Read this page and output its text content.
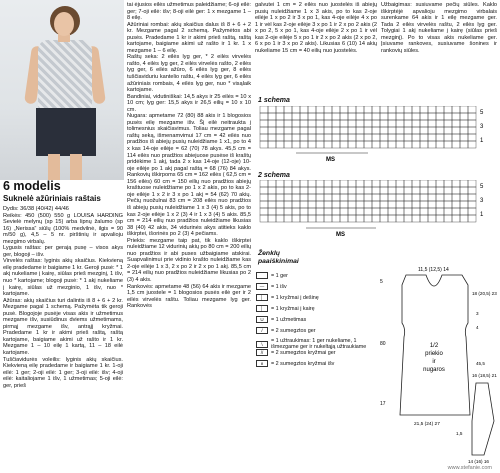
6 modelis
Suknelė ažūriniais raštais

Dydis: 36/38 (40/42) 44/46

Reikės: 450 (500) 550 g LOUISA HARDING Sevielė melynų (sp 15) arba lipnų žalumo (sp 16) „Nerissa“ siūlų (100% medvilnė, ilgis = 90 m/50 g), 4,5 – 5 nr. pirštinių ir apvalioju mezgimo virbalų.

Lygusis raštas: per gerają pusę – visos akys ger, blogoji – išv.

Virvelės raštas: lyginis akių skaičius. Kiekvieną eilę pradedame ir baigiame 1 kr. Geroji pusė: * 1 akį nukeliame į kairę, siūlas prieš mezginį, 1 išv, nuo * kartojame; blogoji pusė: * 1 akį nukeliame į kairę, siūlas už mezginio, 1 išv, nuo * kartojame.

Ažūras: akių skaičius turi dalintis iš 8 + 6 + 2 kr. Mezgame pagal 1 schemą. Pažymėta tik geroji pusė. Blogojoje pusėje visas akis ir užmetimus mezgame išv, susiūdinus dviems užmetimams, pirmąj mezgame išv, antrąjį kryžmai. Pradedame 1 kr ir akimi prieš raštą, raštą kartojame, baigiame akimi už rašto ir 1 kr. Mezgame 1 – 10 eilę 1 kartą, 11 – 18 eilė kartojame.

Tuščiavidurės voleilis: lyginis akių skaičius. Kiekvieną eilę pradedame ir baigiame 1 kr. 1-oji eilė: 1 ger; 2-oji eilė: 1 ger; 3-oji eilė: išv; 4-oji eilė: kaitaliojame 1 išv, 1 užmetimas; 5-oji eilė: ger, prieš

tai ėjusios eilės užmetimus paleidžiame; 6-oji eilė: ger; 7-oji eilė: išv; 8-oji eilė ger: 1 x mezgame 1 – 8 eilę.

Ažūriniai rombai: akių skaičius dalus iš 8 + 6 + 2 kr. Mezgame pagal 2 schemą. Pažymėtos abi pusės. Pradedame 1 kr ir akimi prieš raštą, raštą kartojame, baigiame akimi už rašto ir 1 kr. 1 x mezgame 1 – 6 eilę.

Raštų seka: 2 eilės lyg ger, * 2 eilės virvelės rašto, 4 eilės lyg ger, 2 eilės virvelės rašto, 2 eilės lyg ger, 6 eilės ažūro, 6 eilės lyg ger, 8 eilės tuščiaviduriu kantelio raštu, 4 eilės lyg ger, 6 eilės ažūriniais rombais, 4 eilės lyg ger, nuo * visąlaik kartojame.

Bandiniai, vidutiniškai: 14,5 akys ir 25 eilės = 10 x 10 cm; lyg ger: 15,5 akys ir 26,5 eilių = 10 x 10 cm.

Nugara: apmetame 72 (80) 88 akis ir 1 blogosios pusės eilę mezgame išv. Šį eilė neitraukta į tolimesnius skaičiavimus. Toliau mezgame pagal raštų seką, išmenamvimui 17 cm = 42 eilės nuo pradžios iš abiejų pusių nuleidžiame 1 x1, po to 4 x kas 14-oje eilėje = 62 (70) 78 akys. 45,5 cm = 114 eilės nuo pradžios abiejuose pusėse iš kraštų pridėkime 1 akį, tada 2 x kas 14-oje (12-oje) 10-oje eilėje po 1 akį pagal raštą = 68 (76) 84 akys. Rankovių iškirpoms 65 cm = 162 eilės ( 62,5 cm = 156 eilės) 60 cm = 150 eilių nuo pradžios abiejų kraštuose nuleidžiame po 1 x 2 akis, po to kas 2-oje eilėje 1 x 2 ir 3 x po 1 akį = 54 (62) 70 akių. Pečių nuožulnai 83 cm = 208 eilės nuo pradžios iš abiejų pusių nuleidžiame 1 x 3 (4) 5 akis, po to kas 2-oje eilėje 1 x 2 (3) 4 ir 1 x 3 (4) 5 akis. 85,5 cm = 214 eilių nuo pradžios nuleidžiame likusias 38 (40) 42 akis, 34 vidurinės akys atitieks kaklo iškirptei, išorinės po 2 (3) 4 pečiams.

Priekis: mezgame taip pat, tik kaklo iškirptei nuleidžiame 12 vidurinių akių po 80 cm = 200 eilių nuo pradžios ir abi puses užbaigiame atskirai. Suapvalinimui prie vidinio krašto nuleidžiame kas 2-oje eilėje 1 x 3, 2 x po 2 ir 2 x po 1 akį. 85,5 cm = 214 eilių nuo pradžios nuleidžiame likusias po 2 (3) 4 akis.

Rankovės: apmetame 48 (56) 64 akis ir mezgame 1,5 cm juostele = 1 blogosios pusės eilė ger ir 2 eilės virvelės raštu. Toliau mezgame lyg ger. Rankovės

galvutei 1 cm = 2 eilės nuo juostelės iš abiejų pusių nuleidžiame 1 x 3 akis, po to kas 2-oje eilėje 1 x po 2 ir 3 x po 1, kas 4-oje eilėje 4 x po 1 ir vėl kas 2-oje eilėje 3 x po 1 ir 2 x po 2 akis (2 x po 2, 5 x po 1, kas 4-oje eilėje 2 x po 1 ir vėl kas 2-oje eilėje 5 x po 1 ir 2 x po 2 akis (2 x po 2, 6 x po 1 ir 3 x po 2 akis). Likusias 6 (10) 14 akių nukeliame 15 cm = 40 eilių nuo juostelės.

Užbaigimas: susiuvame pečių siūles. Kaklo iškirptėjė apvalioju mezgimo virbalais surenkame 64 akis ir 1 eilę mezgame ger. Tada 2 eilės virvelės raštu, 2 eilės lyg ger. Tolygiai 1 akį nukeliame į kairę (siūlas prieš mezginį). Po to visas akis nukeliame ger. Įsiuvame rankoves, susiuvame šonines ir rankovių siūles.

1 schema
5
3
1
MS
2 schema
5
3
1
MS
Ženklų
paaiškinimai
= 1 ger
—	= 1 išv
│	= 1 kryžmai į dešinę
│	= 1 kryžmai į kairę
U	= 1 užmetimas
/	= 2 sumegztos ger
\	= 1 užtraukimas: 1 ger nukeliame, 1 išmezgame ger ir nukeltąją užtraukiame
//	= 2 sumegztos kryžmai ger
∧	= 2 sumegztos kryžmai išv
1/2
priekio
ir
nugaros
11,5 (12,5) 14
5
80
17
18 (20,5) 23
3
4
45,5
16 (18,5) 21
1,5
21,5 (24) 27
14 (16) 16
www.stefanie.com
